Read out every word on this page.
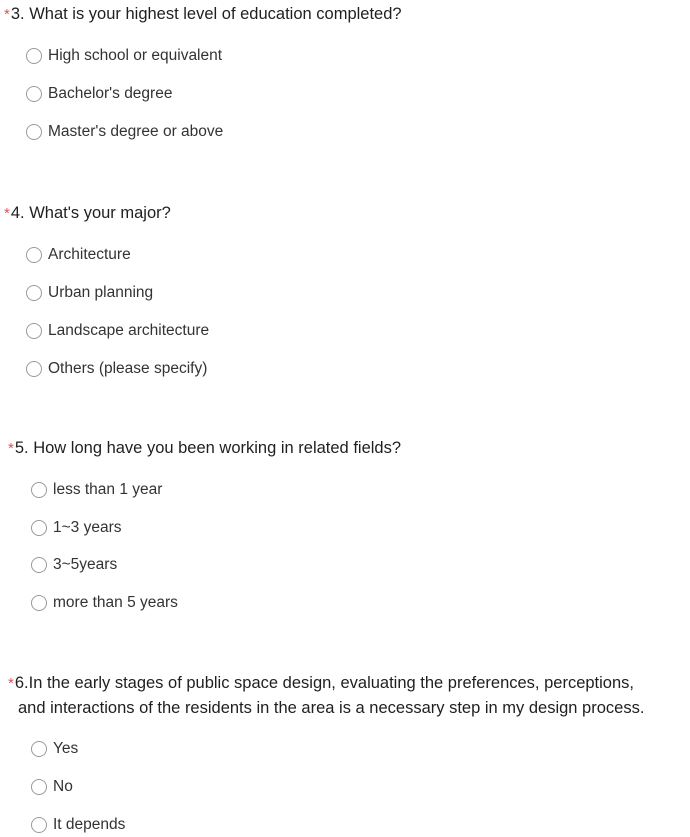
*3. What is your highest level of education completed?
High school or equivalent
Bachelor's degree
Master's degree or above
*4. What's your major?
Architecture
Urban planning
Landscape architecture
Others (please specify)
*5. How long have you been working in related fields?
less than 1 year
1~3 years
3~5years
more than 5 years
*6.In the early stages of public space design, evaluating the preferences, perceptions,
and interactions of the residents in the area is a necessary step in my design process.
Yes
No
It depends
